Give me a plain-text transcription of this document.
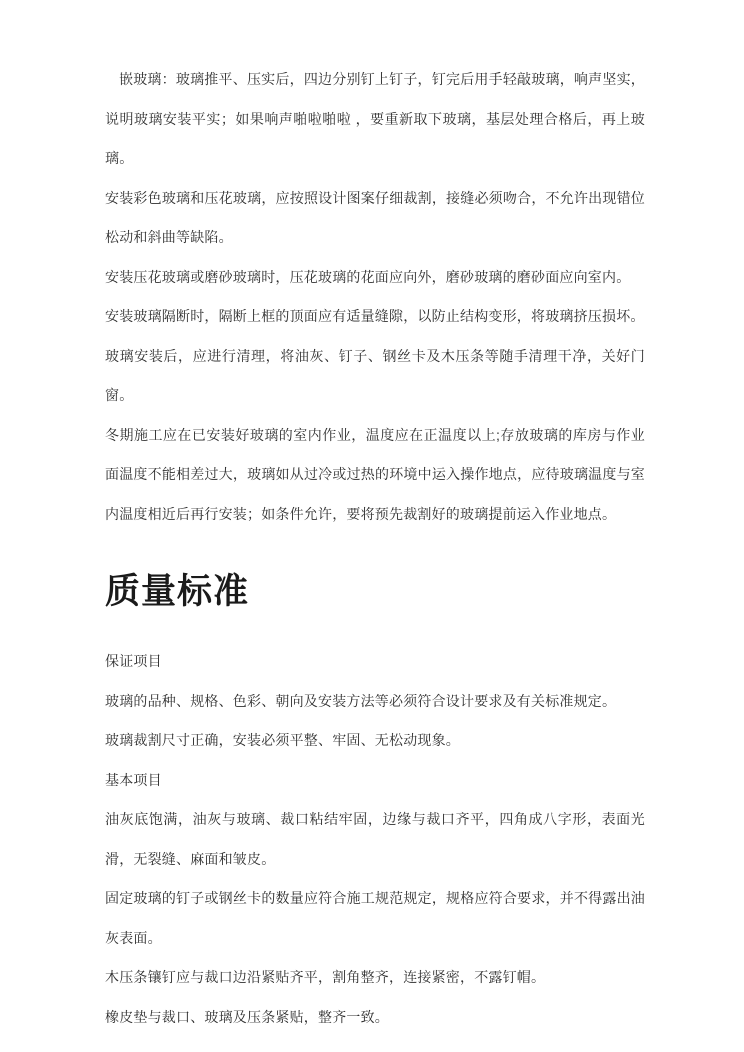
嵌玻璃：玻璃推平、压实后，四边分别钉上钉子，钉完后用手轻敲玻璃，响声坚实，说明玻璃安装平实；如果响声啪啦啪啦 ，要重新取下玻璃，基层处理合格后，再上玻璃。

安装彩色玻璃和压花玻璃，应按照设计图案仔细裁割，接缝必须吻合，不允许出现错位松动和斜曲等缺陷。

安装压花玻璃或磨砂玻璃时，压花玻璃的花面应向外，磨砂玻璃的磨砂面应向室内。

安装玻璃隔断时，隔断上框的顶面应有适量缝隙，以防止结构变形，将玻璃挤压损坏。

玻璃安装后，应进行清理，将油灰、钉子、钢丝卡及木压条等随手清理干净，关好门窗。

冬期施工应在已安装好玻璃的室内作业，温度应在正温度以上;存放玻璃的库房与作业面温度不能相差过大，玻璃如从过冷或过热的环境中运入操作地点，应待玻璃温度与室内温度相近后再行安装；如条件允许，要将预先裁割好的玻璃提前运入作业地点。

质量标准

保证项目

玻璃的品种、规格、色彩、朝向及安装方法等必须符合设计要求及有关标准规定。

玻璃裁割尺寸正确，安装必须平整、牢固、无松动现象。

基本项目

油灰底饱满，油灰与玻璃、裁口粘结牢固，边缘与裁口齐平，四角成八字形，表面光滑，无裂缝、麻面和皱皮。

固定玻璃的钉子或钢丝卡的数量应符合施工规范规定，规格应符合要求，并不得露出油灰表面。

木压条镶钉应与裁口边沿紧贴齐平，割角整齐，连接紧密，不露钉帽。

橡皮垫与裁口、玻璃及压条紧贴，整齐一致。
